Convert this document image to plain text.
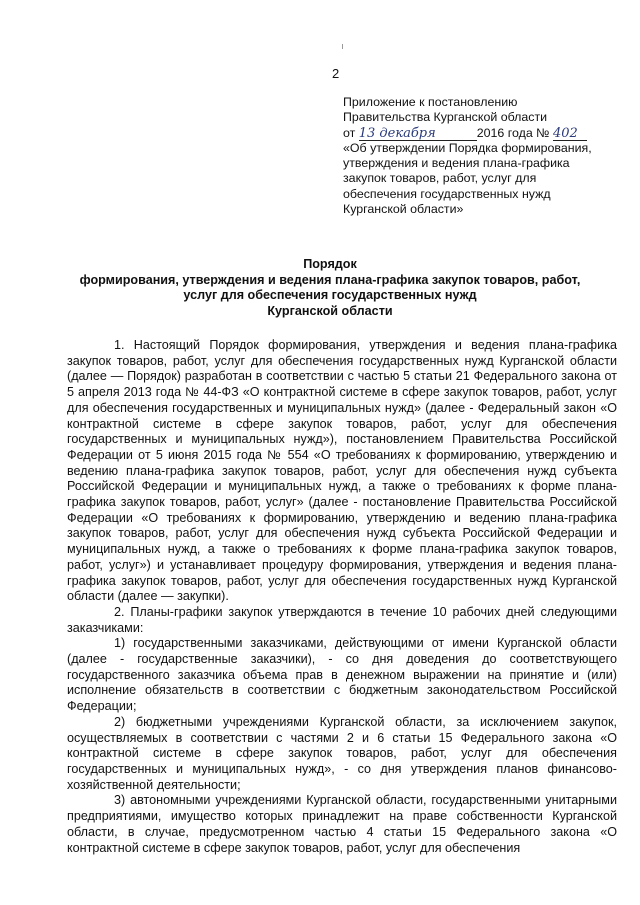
2
Приложение к постановлению
Правительства Курганской области
от 13 декабря	2016 года № 402
«Об утверждении Порядка формирования,
утверждения и ведения плана-графика
закупок товаров, работ, услуг для
обеспечения государственных нужд
Курганской области»
Порядок
формирования, утверждения и ведения плана-графика закупок товаров, работ,
услуг для обеспечения государственных нужд
Курганской области

1. Настоящий Порядок формирования, утверждения и ведения плана-графика закупок товаров, работ, услуг для обеспечения государственных нужд Курганской области (далее — Порядок) разработан в соответствии с частью 5 статьи 21 Федерального закона от 5 апреля 2013 года № 44-ФЗ «О контрактной системе в сфере закупок товаров, работ, услуг для обеспечения государственных и муниципальных нужд» (далее - Федеральный закон «О контрактной системе в сфере закупок товаров, работ, услуг для обеспечения государственных и муниципальных нужд»), постановлением Правительства Российской Федерации от 5 июня 2015 года № 554 «О требованиях к формированию, утверждению и ведению плана-графика закупок товаров, работ, услуг для обеспечения нужд субъекта Российской Федерации и муниципальных нужд, а также о требованиях к форме плана-графика закупок товаров, работ, услуг» (далее - постановление Правительства Российской Федерации «О требованиях к формированию, утверждению и ведению плана-графика закупок товаров, работ, услуг для обеспечения нужд субъекта Российской Федерации и муниципальных нужд, а также о требованиях к форме плана-графика закупок товаров, работ, услуг») и устанавливает процедуру формирования, утверждения и ведения плана-графика закупок товаров, работ, услуг для обеспечения государственных нужд Курганской области (далее — закупки).

2. Планы-графики закупок утверждаются в течение 10 рабочих дней следующими заказчиками:

1) государственными заказчиками, действующими от имени Курганской области (далее - государственные заказчики), - со дня доведения до соответствующего государственного заказчика объема прав в денежном выражении на принятие и (или) исполнение обязательств в соответствии с бюджетным законодательством Российской Федерации;

2) бюджетными учреждениями Курганской области, за исключением закупок, осуществляемых в соответствии с частями 2 и 6 статьи 15 Федерального закона «О контрактной системе в сфере закупок товаров, работ, услуг для обеспечения государственных и муниципальных нужд», - со дня утверждения планов финансово-хозяйственной деятельности;

3) автономными учреждениями Курганской области, государственными унитарными предприятиями, имущество которых принадлежит на праве собственности Курганской области, в случае, предусмотренном частью 4 статьи 15 Федерального закона «О контрактной системе в сфере закупок товаров, работ, услуг для обеспечения
